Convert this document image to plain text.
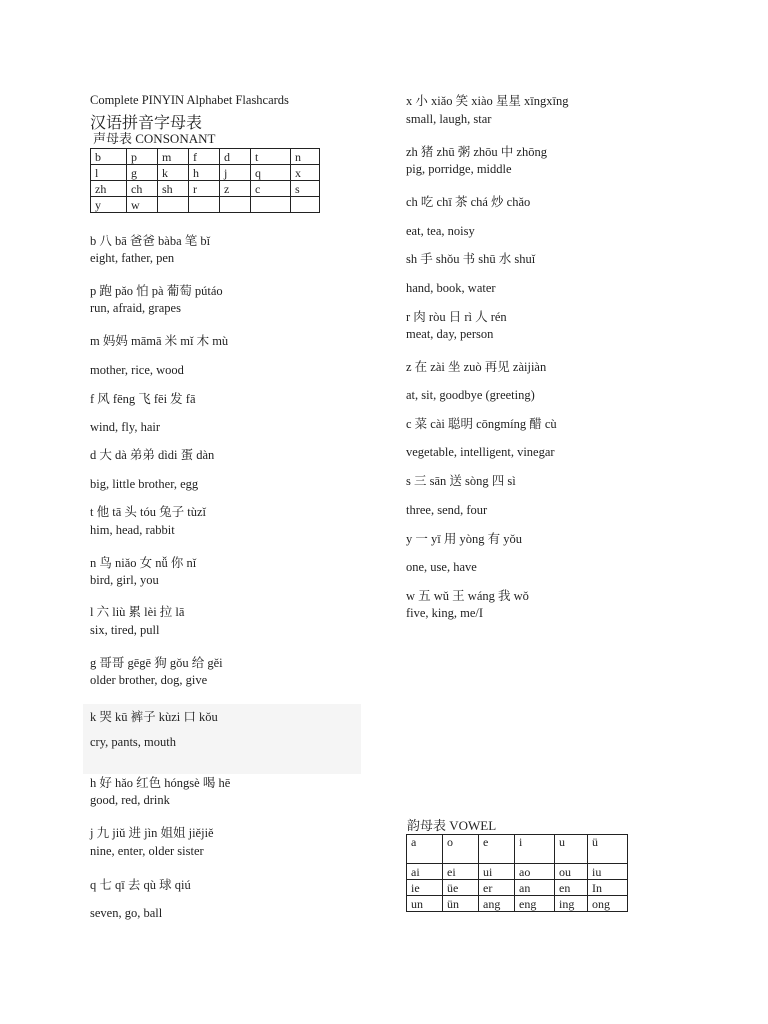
Complete PINYIN Alphabet Flashcards
汉语拼音字母表
声母表 CONSONANT
b	p	m	f	d	t	n
l	g	k	h	j	q	x
zh	ch	sh	r	z	c	s
y	w					
b 八 bā 爸爸 bàba 笔 bǐ
eight, father, pen
p 跑 pǎo 怕 pà 葡萄 pútáo
run, afraid, grapes
m 妈妈 māmā 米 mǐ 木 mù
mother, rice, wood
f 风 fēng 飞 fēi 发 fā
wind, fly, hair
d 大 dà 弟弟 dìdi 蛋 dàn
big, little brother, egg
t 他 tā 头 tóu 兔子 tùzǐ
him, head, rabbit
n 鸟 niǎo 女 nǚ 你 nǐ
bird, girl, you
l 六 liù 累 lèi 拉 lā
six, tired, pull
g 哥哥 gēgē 狗 gǒu 给 gěi
older brother, dog, give
k 哭 kū 裤子 kùzi 口 kǒu
cry, pants, mouth
h 好 hǎo 红色 hóngsè 喝 hē
good, red, drink
j 九 jiǔ 进 jìn 姐姐 jiějiě
nine, enter, older sister
q 七 qī 去 qù 球 qiú
seven, go, ball
x 小 xiǎo 笑 xiào 星星 xīngxīng
small, laugh, star
zh 猪 zhū 粥 zhōu 中 zhōng
pig, porridge, middle
ch 吃 chī 茶 chá 炒 chǎo
eat, tea, noisy
sh 手 shǒu 书 shū 水 shuǐ
hand, book, water
r 肉 ròu 日 rì 人 rén
meat, day, person
z 在 zài 坐 zuò 再见 zàijiàn
at, sit, goodbye (greeting)
c 菜 cài 聪明 cōngmíng 醋 cù
vegetable, intelligent, vinegar
s 三 sān 送 sòng 四 sì
three, send, four
y 一 yī 用 yòng 有 yǒu
one, use, have
w 五 wǔ 王 wáng 我 wǒ
five, king, me/I
韵母表 VOWEL
a	o	e	i	u	ü
ai	ei	ui	ao	ou	iu
ie	üe	er	an	en	In
un	ün	ang	eng	ing	ong
